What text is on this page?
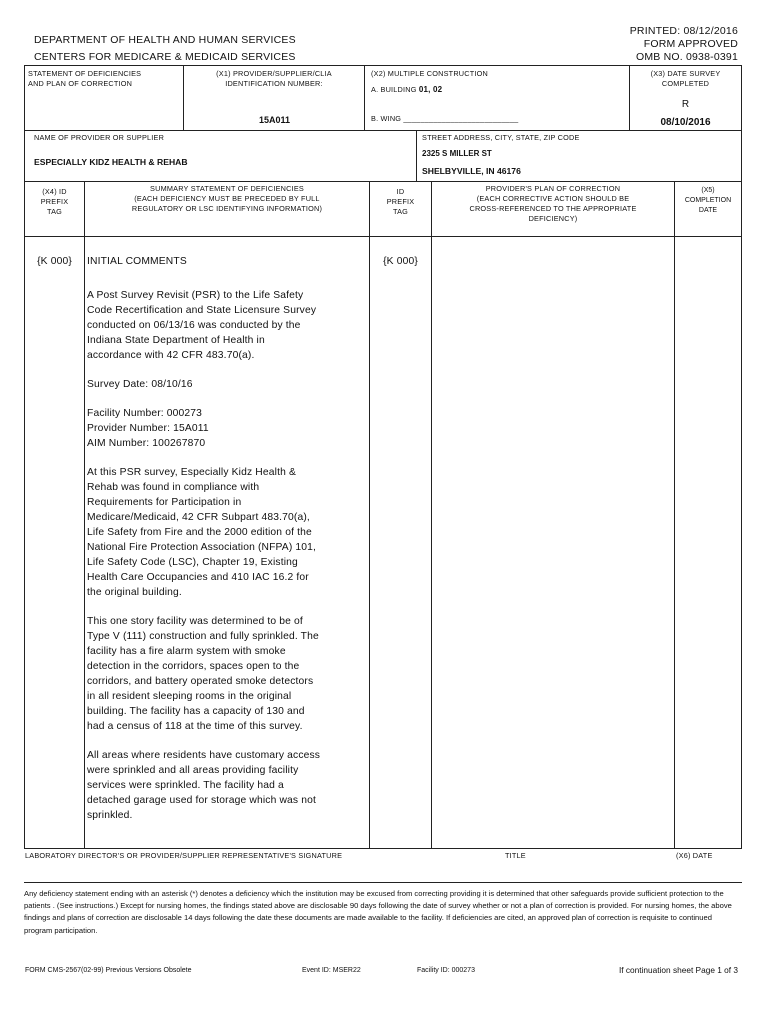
DEPARTMENT OF HEALTH AND HUMAN SERVICES
CENTERS FOR MEDICARE & MEDICAID SERVICES
PRINTED: 08/12/2016
FORM APPROVED
OMB NO. 0938-0391
STATEMENT OF DEFICIENCIES
AND PLAN OF CORRECTION
(X1) PROVIDER/SUPPLIER/CLIA
IDENTIFICATION NUMBER:
15A011
(X2) MULTIPLE CONSTRUCTION
A. BUILDING 01, 02
B. WING ___________________________
(X3) DATE SURVEY
COMPLETED
R
08/10/2016
NAME OF PROVIDER OR SUPPLIER
ESPECIALLY KIDZ HEALTH & REHAB
STREET ADDRESS, CITY, STATE, ZIP CODE
2325 S MILLER ST
SHELBYVILLE, IN 46176
(X4) ID
PREFIX
TAG
SUMMARY STATEMENT OF DEFICIENCIES
(EACH DEFICIENCY MUST BE PRECEDED BY FULL
REGULATORY OR LSC IDENTIFYING INFORMATION)
ID
PREFIX
TAG
PROVIDER'S PLAN OF CORRECTION
(EACH CORRECTIVE ACTION SHOULD BE
CROSS-REFERENCED TO THE APPROPRIATE
DEFICIENCY)
(X5)
COMPLETION
DATE
{K 000}	INITIAL COMMENTS	{K 000}

A Post Survey Revisit (PSR) to the Life Safety
Code Recertification and State Licensure Survey
conducted on 06/13/16 was conducted by the
Indiana State Department of Health in
accordance with 42 CFR 483.70(a).

Survey Date: 08/10/16

Facility Number: 000273
Provider Number: 15A011
AIM Number: 100267870

At this PSR survey, Especially Kidz Health &
Rehab was found in compliance with
Requirements for Participation in
Medicare/Medicaid, 42 CFR Subpart 483.70(a),
Life Safety from Fire and the 2000 edition of the
National Fire Protection Association (NFPA) 101,
Life Safety Code (LSC), Chapter 19, Existing
Health Care Occupancies and 410 IAC 16.2 for
the original building.

This one story facility was determined to be of
Type V (111) construction and fully sprinkled. The
facility has a fire alarm system with smoke
detection in the corridors, spaces open to the
corridors, and battery operated smoke detectors
in all resident sleeping rooms in the original
building. The facility has a capacity of 130 and
had a census of 118 at the time of this survey.

All areas where residents have customary access
were sprinkled and all areas providing facility
services were sprinkled. The facility had a
detached garage used for storage which was not
sprinkled.

LABORATORY DIRECTOR'S OR PROVIDER/SUPPLIER REPRESENTATIVE'S SIGNATURE	TITLE	(X6) DATE
Any deficiency statement ending with an asterisk (*) denotes a deficiency which the institution may be excused from correcting providing it is determined that other safeguards provide sufficient protection to the patients . (See instructions.) Except for nursing homes, the findings stated above are disclosable 90 days following the date of survey whether or not a plan of correction is provided. For nursing homes, the above findings and plans of correction are disclosable 14 days following the date these documents are made available to the facility. If deficiencies are cited, an approved plan of correction is requisite to continued program participation.
FORM CMS-2567(02-99) Previous Versions Obsolete	Event ID: MSER22	Facility ID: 000273	If continuation sheet Page 1 of 3
